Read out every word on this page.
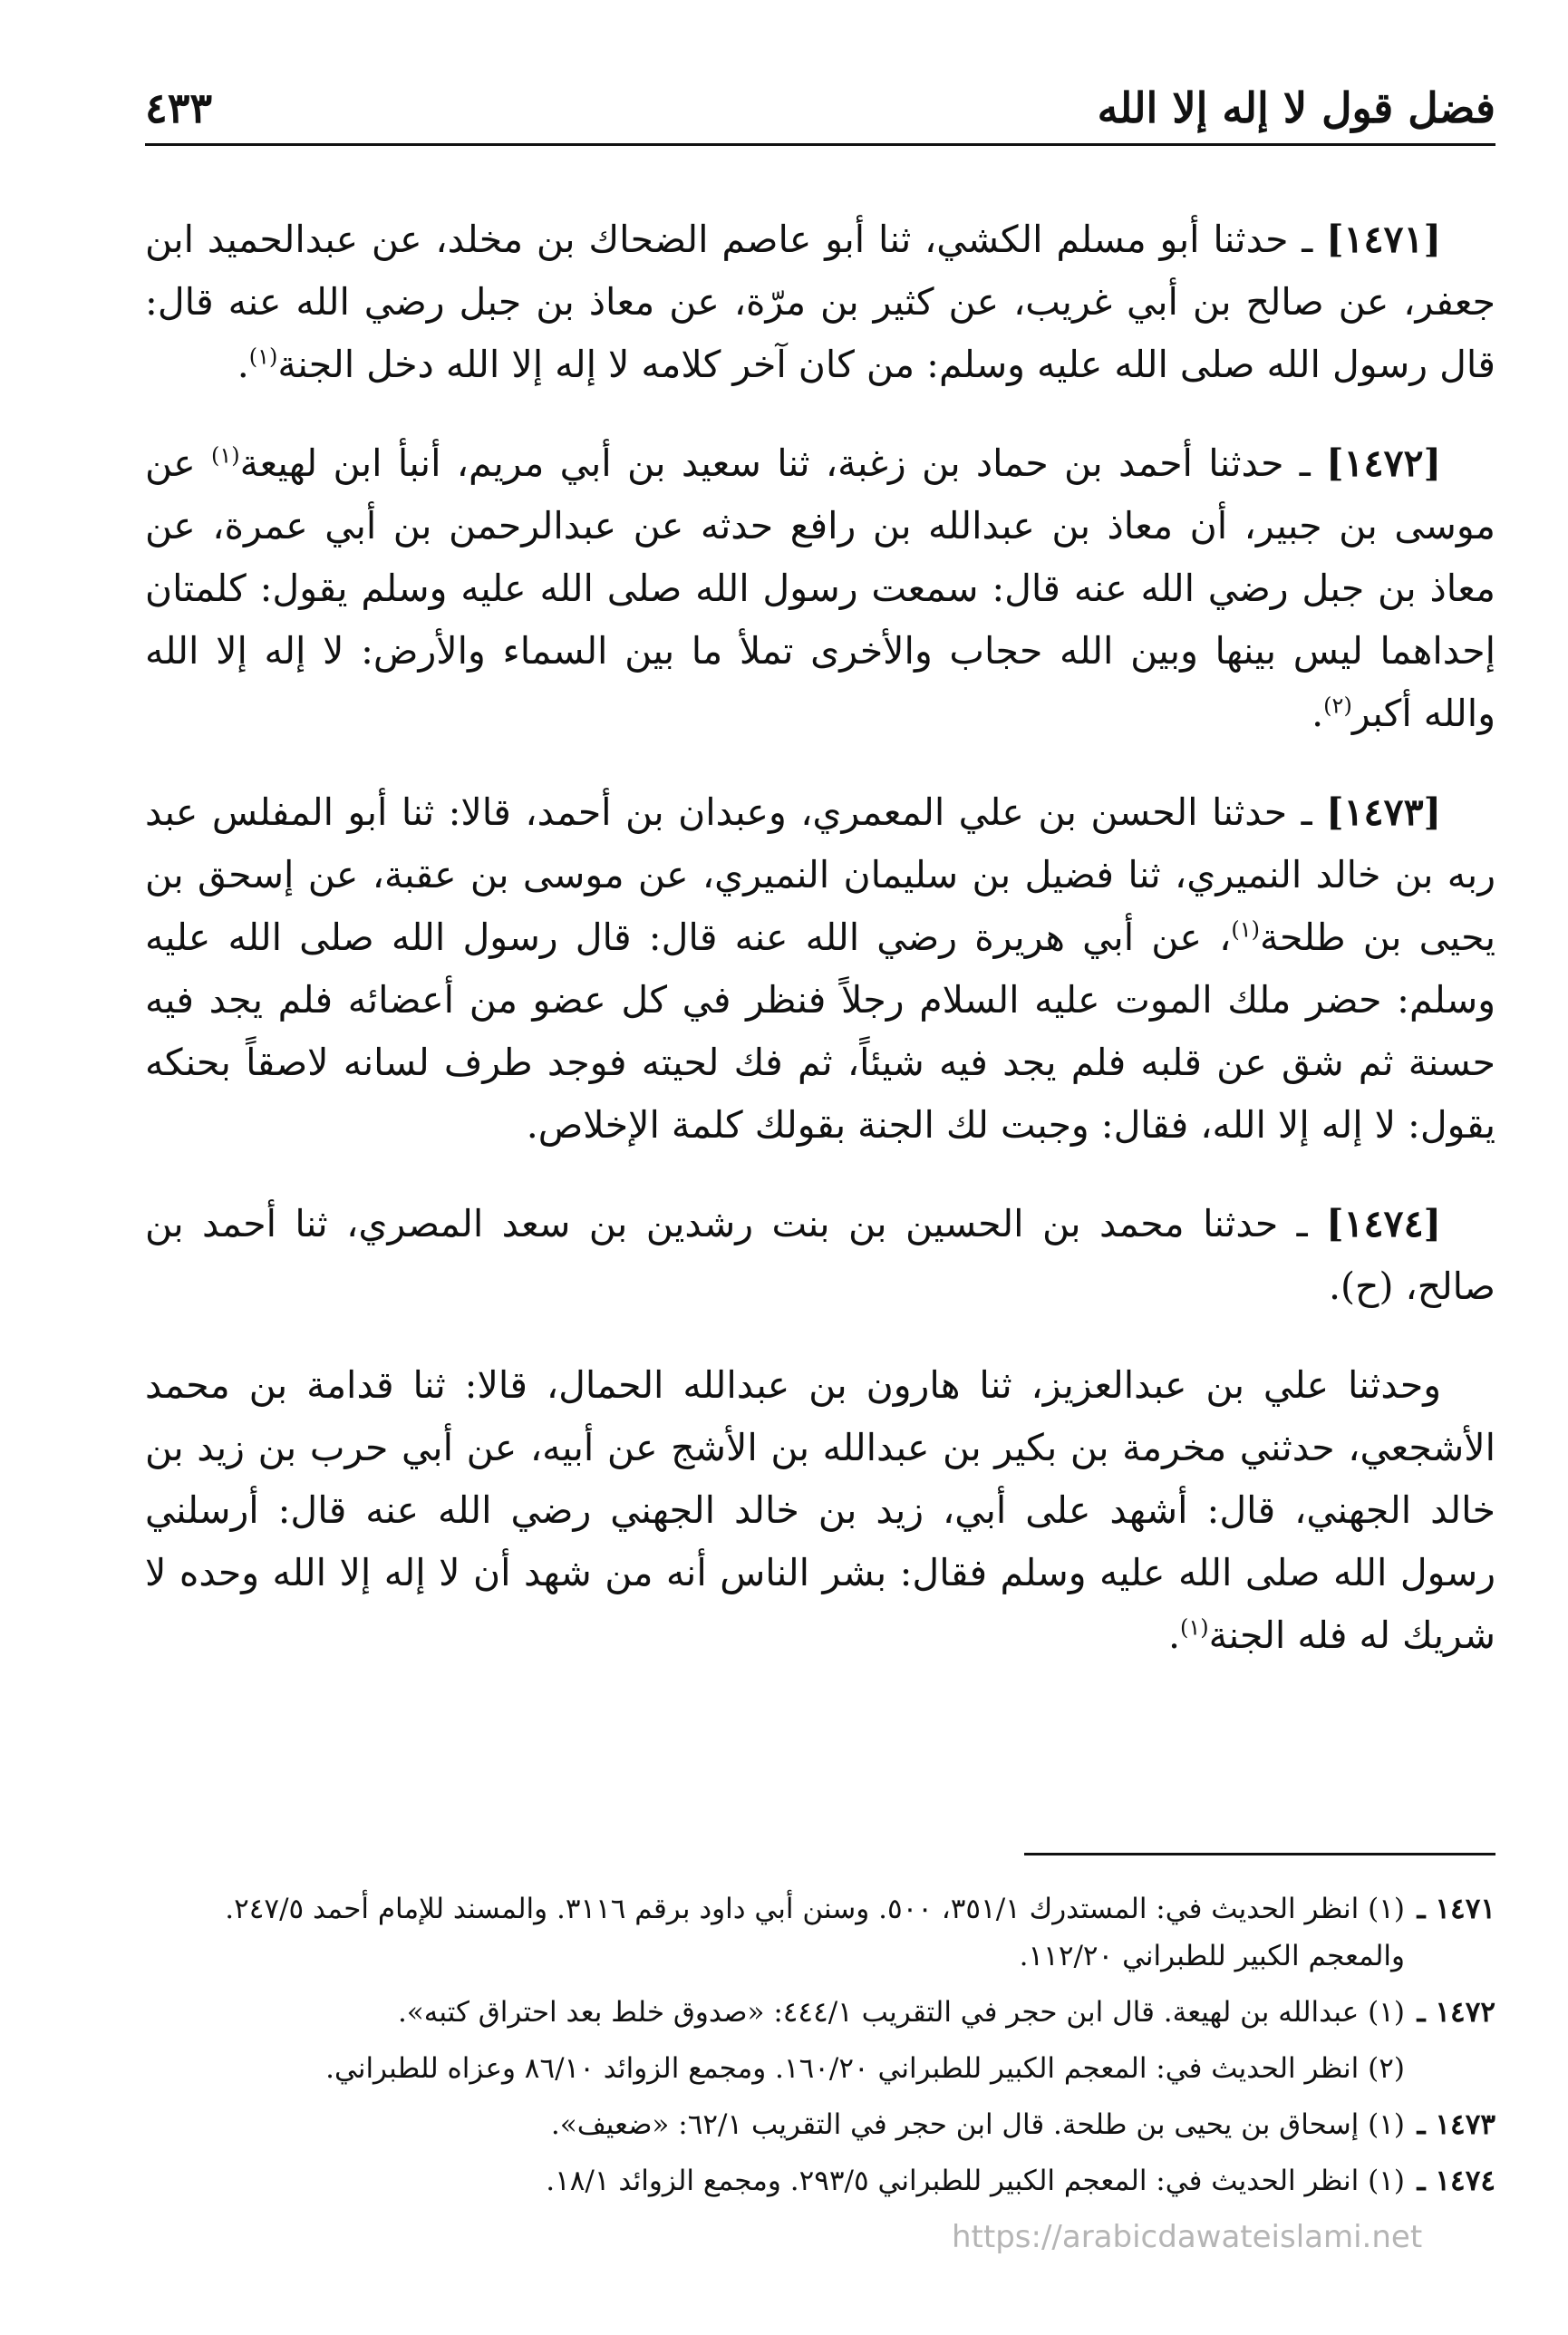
فضل قول لا إله إلا الله
٤٣٣

[١٤٧١] ـ حدثنا أبو مسلم الكشي، ثنا أبو عاصم الضحاك بن مخلد، عن عبدالحميد ابن جعفر، عن صالح بن أبي غريب، عن كثير بن مرّة، عن معاذ بن جبل رضي الله عنه قال: قال رسول الله صلى الله عليه وسلم: من كان آخر كلامه لا إله إلا الله دخل الجنة$^{(١)}$.

[١٤٧٢] ـ حدثنا أحمد بن حماد بن زغبة، ثنا سعيد بن أبي مريم، أنبأ ابن لهيعة$^{(١)}$ عن موسى بن جبير، أن معاذ بن عبدالله بن رافع حدثه عن عبدالرحمن بن أبي عمرة، عن معاذ بن جبل رضي الله عنه قال: سمعت رسول الله صلى الله عليه وسلم يقول: كلمتان إحداهما ليس بينها وبين الله حجاب والأخرى تملأ ما بين السماء والأرض: لا إله إلا الله والله أكبر$^{(٢)}$.

[١٤٧٣] ـ حدثنا الحسن بن علي المعمري، وعبدان بن أحمد، قالا: ثنا أبو المفلس عبد ربه بن خالد النميري، ثنا فضيل بن سليمان النميري، عن موسى بن عقبة، عن إسحق بن يحيى بن طلحة$^{(١)}$، عن أبي هريرة رضي الله عنه قال: قال رسول الله صلى الله عليه وسلم: حضر ملك الموت عليه السلام رجلاً فنظر في كل عضو من أعضائه فلم يجد فيه حسنة ثم شق عن قلبه فلم يجد فيه شيئاً، ثم فك لحيته فوجد طرف لسانه لاصقاً بحنكه يقول: لا إله إلا الله، فقال: وجبت لك الجنة بقولك كلمة الإخلاص.

[١٤٧٤] ـ حدثنا محمد بن الحسين بن بنت رشدين بن سعد المصري، ثنا أحمد بن صالح، (ح).

وحدثنا علي بن عبدالعزيز، ثنا هارون بن عبدالله الحمال، قالا: ثنا قدامة بن محمد الأشجعي، حدثني مخرمة بن بكير بن عبدالله بن الأشج عن أبيه، عن أبي حرب بن زيد بن خالد الجهني، قال: أشهد على أبي، زيد بن خالد الجهني رضي الله عنه قال: أرسلني رسول الله صلى الله عليه وسلم فقال: بشر الناس أنه من شهد أن لا إله إلا الله وحده لا شريك له فله الجنة$^{(١)}$.

١٤٧١ ـ
(١) انظر الحديث في: المستدرك ٣٥١/١، ٥٠٠. وسنن أبي داود برقم ٣١١٦. والمسند للإمام أحمد ٢٤٧/٥. والمعجم الكبير للطبراني ١١٢/٢٠.
١٤٧٢ ـ
(١) عبدالله بن لهيعة. قال ابن حجر في التقريب ٤٤٤/١: «صدوق خلط بعد احتراق كتبه».
(٢) انظر الحديث في: المعجم الكبير للطبراني ١٦٠/٢٠. ومجمع الزوائد ٨٦/١٠ وعزاه للطبراني.
١٤٧٣ ـ
(١) إسحاق بن يحيى بن طلحة. قال ابن حجر في التقريب ٦٢/١: «ضعيف».
١٤٧٤ ـ
(١) انظر الحديث في: المعجم الكبير للطبراني ٢٩٣/٥. ومجمع الزوائد ١٨/١.
https://arabicdawateislami.net
